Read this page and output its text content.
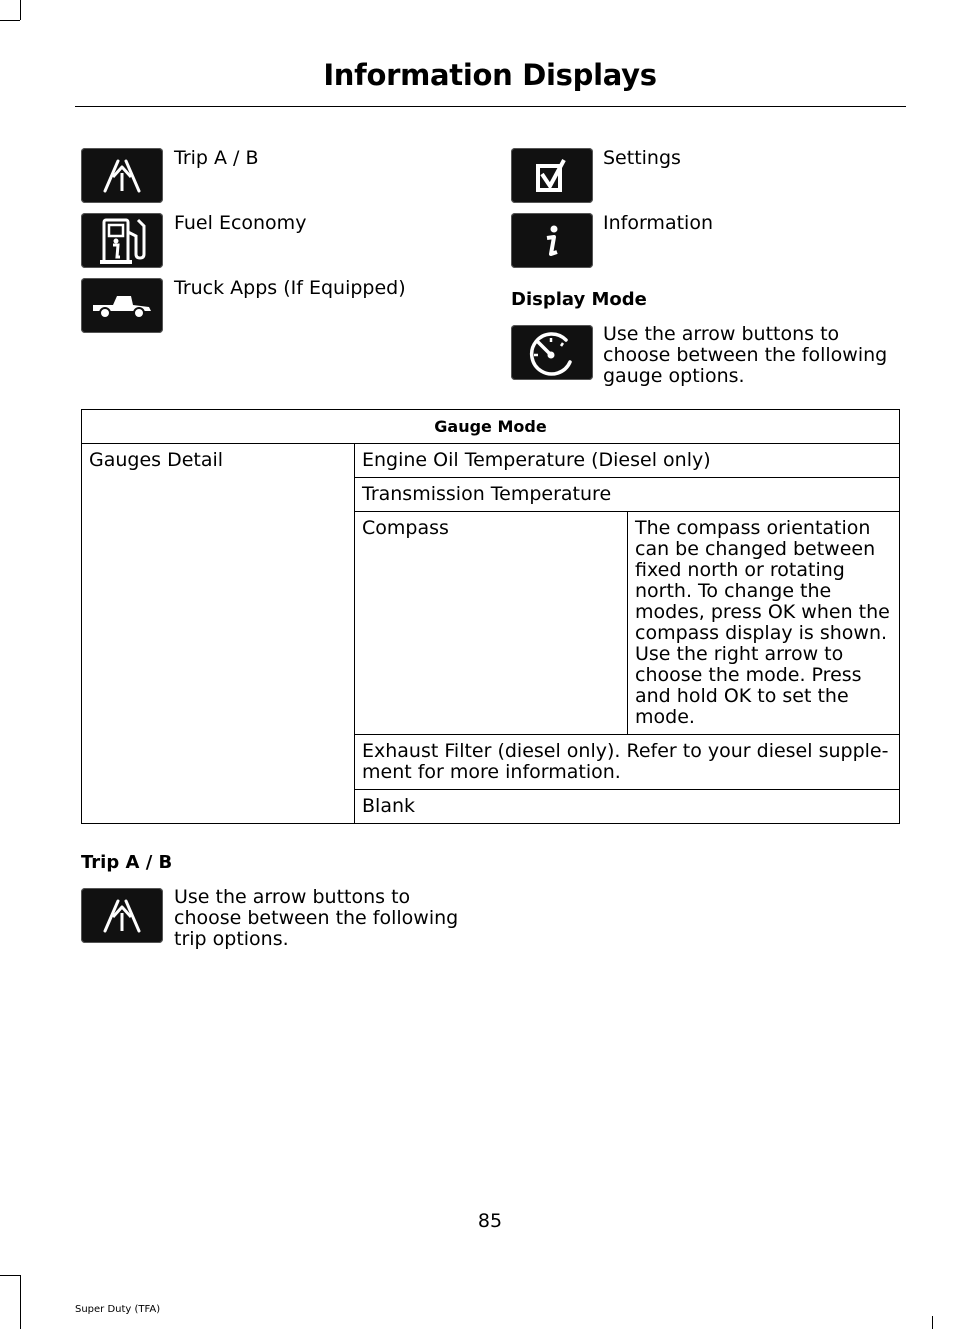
Information Displays
Trip A / B
Fuel Economy
Truck Apps (If Equipped)
Settings
Information
Display Mode
Use the arrow buttons to choose between the following gauge options.
Gauge Mode		
Gauges Detail	Engine Oil Temperature (Diesel only)	
	Transmission Temperature	
	Compass	The compass orientation can be changed between fixed north or rotating north. To change the modes, press OK when the compass display is shown. Use the right arrow to choose the mode. Press and hold OK to set the mode.
	Exhaust Filter (diesel only). Refer to your diesel supple-ment for more information.	
	Blank	
Trip A / B
Use the arrow buttons to choose between the following trip options.
85
Super Duty (TFA)
